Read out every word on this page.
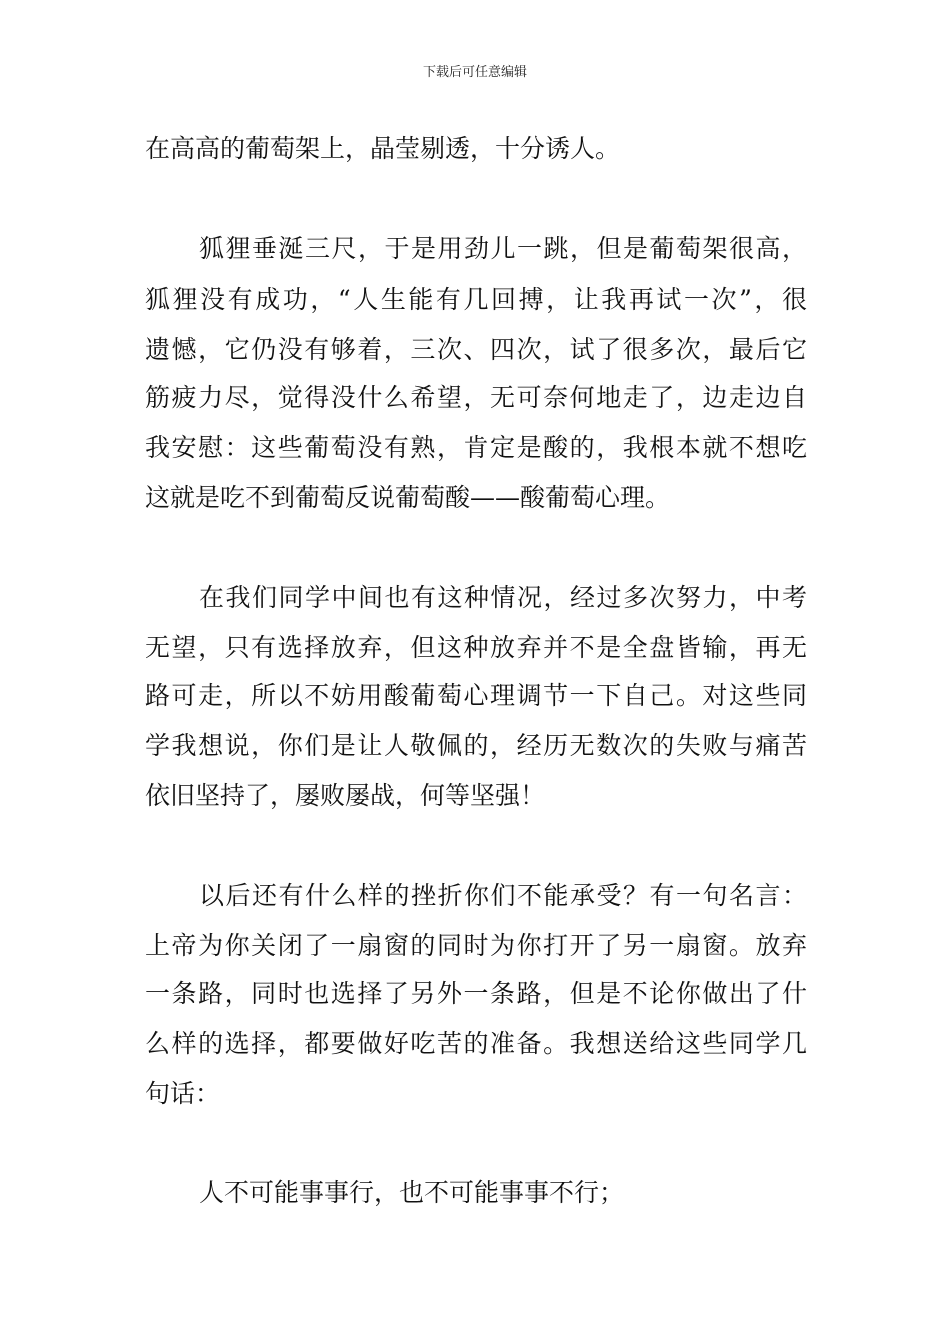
下载后可任意编辑
在高高的葡萄架上，晶莹剔透，十分诱人。
狐狸垂涎三尺，于是用劲儿一跳，但是葡萄架很高，
狐狸没有成功，“人生能有几回搏，让我再试一次”，很
遗憾，它仍没有够着，三次、四次，试了很多次，最后它
筋疲力尽，觉得没什么希望，无可奈何地走了，边走边自
我安慰：这些葡萄没有熟，肯定是酸的，我根本就不想吃
这就是吃不到葡萄反说葡萄酸——酸葡萄心理。
在我们同学中间也有这种情况，经过多次努力，中考
无望，只有选择放弃，但这种放弃并不是全盘皆输，再无
路可走，所以不妨用酸葡萄心理调节一下自己。对这些同
学我想说，你们是让人敬佩的，经历无数次的失败与痛苦
依旧坚持了，屡败屡战，何等坚强！
以后还有什么样的挫折你们不能承受？有一句名言：
上帝为你关闭了一扇窗的同时为你打开了另一扇窗。放弃
一条路，同时也选择了另外一条路，但是不论你做出了什
么样的选择，都要做好吃苦的准备。我想送给这些同学几
句话：
人不可能事事行，也不可能事事不行；
